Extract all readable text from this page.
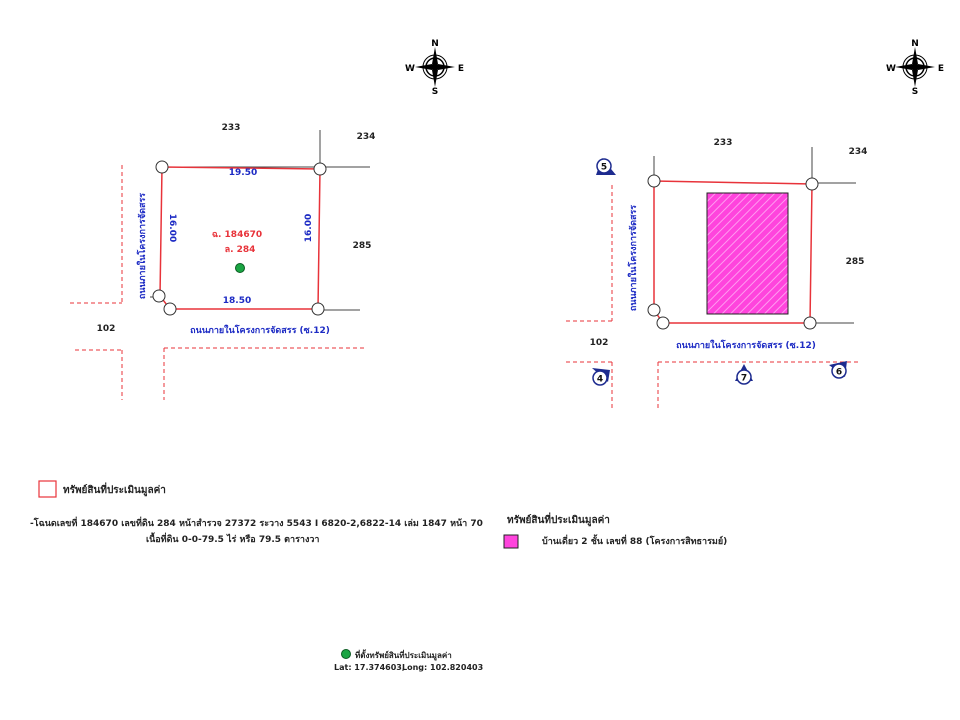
N
S
E
W
N
S
E
W
19.50
18.50
16.00	16.00
ฉ. 184670
ล. 284
233
234
285
102	ถนนภายในโครงการจัดสรร (ซ.12)
ถนนภายในโครงการจัดสรร
233
234
285
102	ถนนภายในโครงการจัดสรร (ซ.12)
ถนนภายในโครงการจัดสรร
5
4	7
6
ทรัพย์สินที่ประเมินมูลค่า
-โฉนดเลขที่ 184670 เลขที่ดิน 284 หน้าสำรวจ 27372 ระวาง 5543 I 6820-2,6822-14 เล่ม 1847 หน้า 70
เนื้อที่ดิน 0-0-79.5 ไร่ หรือ 79.5 ตารางวา
ทรัพย์สินที่ประเมินมูลค่า
บ้านเดี่ยว 2 ชั้น เลขที่ 88 (โครงการสิทธารมย์)
ที่ตั้งทรัพย์สินที่ประเมินมูลค่า
Lat: 17.374603,
Long: 102.820403
